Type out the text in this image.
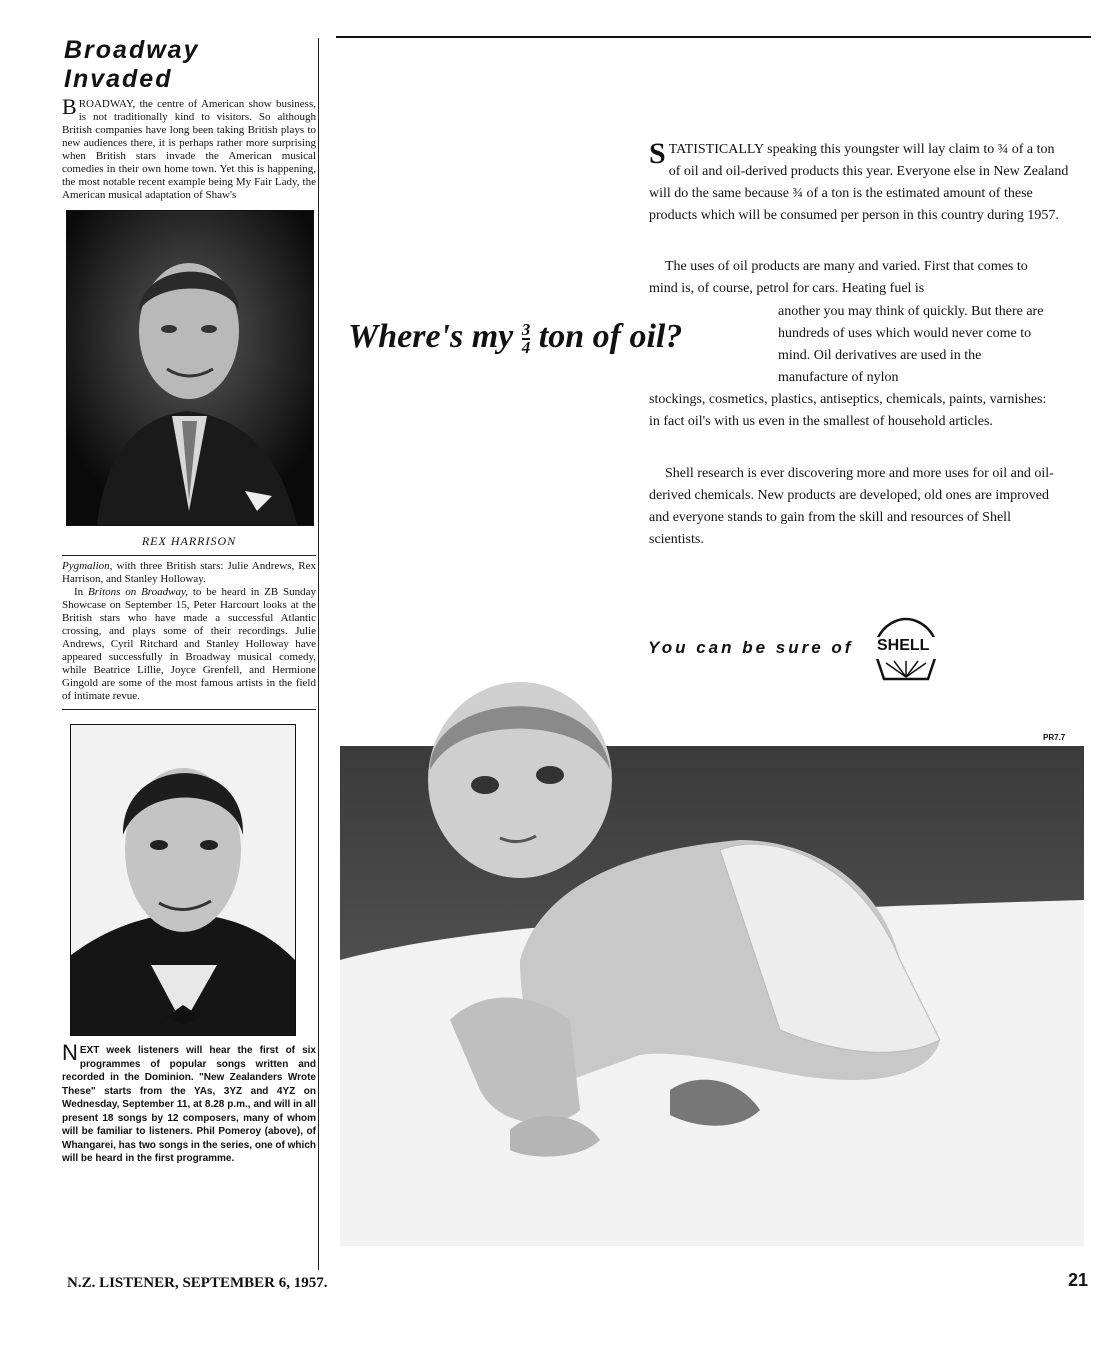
Broadway Invaded

BROADWAY, the centre of American show business, is not traditionally kind to visitors. So although British companies have long been taking British plays to new audiences there, it is perhaps rather more surprising when British stars invade the American musical comedies in their own home town. Yet this is happening, the most notable recent example being My Fair Lady, the American musical adaptation of Shaw's

REX HARRISON

Pygmalion, with three British stars: Julie Andrews, Rex Harrison, and Stanley Holloway.

In Britons on Broadway, to be heard in ZB Sunday Showcase on September 15, Peter Harcourt looks at the British stars who have made a successful Atlantic crossing, and plays some of their recordings. Julie Andrews, Cyril Ritchard and Stanley Holloway have appeared successfully in Broadway musical comedy, while Beatrice Lillie, Joyce Grenfell, and Hermione Gingold are some of the most famous artists in the field of intimate revue.

NEXT week listeners will hear the first of six programmes of popular songs written and recorded in the Dominion. "New Zealanders Wrote These" starts from the YAs, 3YZ and 4YZ on Wednesday, September 11, at 8.28 p.m., and will in all present 18 songs by 12 composers, many of whom will be familiar to listeners. Phil Pomeroy (above), of Whangarei, has two songs in the series, one of which will be heard in the first programme.

STATISTICALLY speaking this youngster will lay claim to ¾ of a ton of oil and oil-derived products this year. Everyone else in New Zealand will do the same because ¾ of a ton is the estimated amount of these products which will be consumed per person in this country during 1957.
The uses of oil products are many and varied. First that comes to mind is, of course, petrol for cars. Heating fuel is
Where's my $\frac{3}{4}$ ton of oil?
another you may think of quickly. But there are hundreds of uses which would never come to mind. Oil derivatives are used in the manufacture of nylon
stockings, cosmetics, plastics, antiseptics, chemicals, paints, varnishes: in fact oil's with us even in the smallest of household articles.
Shell research is ever discovering more and more uses for oil and oil-derived chemicals. New products are developed, old ones are improved and everyone stands to gain from the skill and resources of Shell scientists.
You can be sure of SHELL
PR7.7
N.Z. LISTENER, SEPTEMBER 6, 1957.	21
